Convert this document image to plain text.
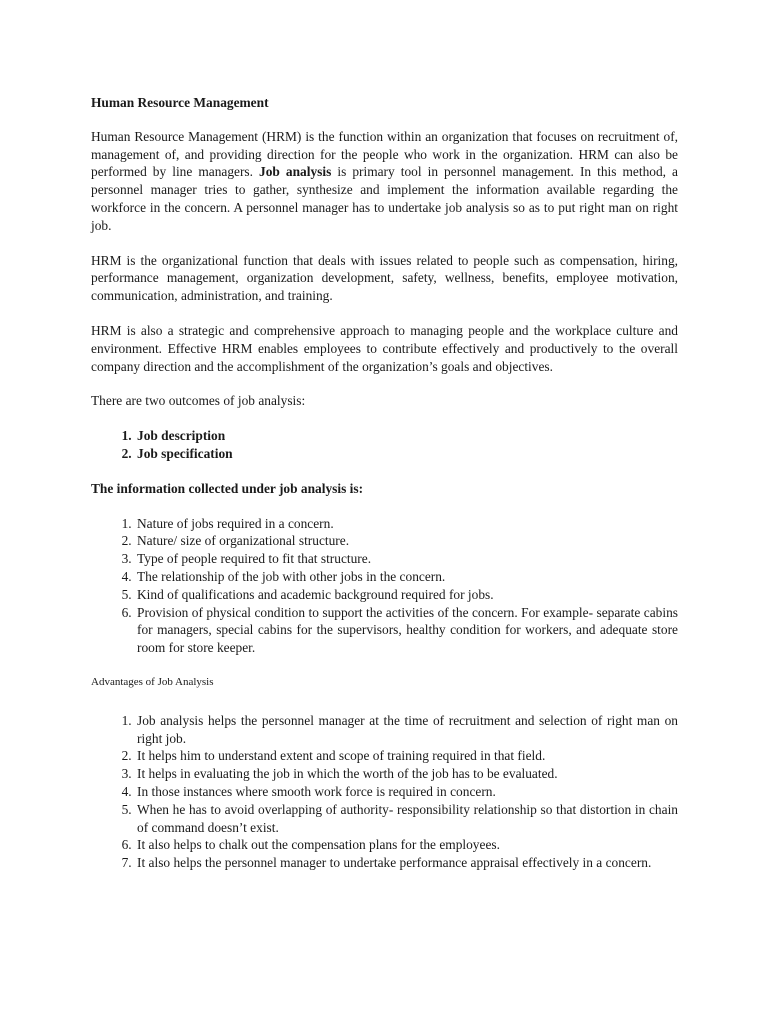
Human Resource Management

Human Resource Management (HRM) is the function within an organization that focuses on recruitment of, management of, and providing direction for the people who work in the organization. HRM can also be performed by line managers. Job analysis is primary tool in personnel management. In this method, a personnel manager tries to gather, synthesize and implement the information available regarding the workforce in the concern. A personnel manager has to undertake job analysis so as to put right man on right job.

HRM is the organizational function that deals with issues related to people such as compensation, hiring, performance management, organization development, safety, wellness, benefits, employee motivation, communication, administration, and training.

HRM is also a strategic and comprehensive approach to managing people and the workplace culture and environment. Effective HRM enables employees to contribute effectively and productively to the overall company direction and the accomplishment of the organization’s goals and objectives.

There are two outcomes of job analysis:

1. Job description
2. Job specification

The information collected under job analysis is:

1. Nature of jobs required in a concern.
2. Nature/ size of organizational structure.
3. Type of people required to fit that structure.
4. The relationship of the job with other jobs in the concern.
5. Kind of qualifications and academic background required for jobs.
6. Provision of physical condition to support the activities of the concern. For example- separate cabins for managers, special cabins for the supervisors, healthy condition for workers, and adequate store room for store keeper.

Advantages of Job Analysis

1. Job analysis helps the personnel manager at the time of recruitment and selection of right man on right job.
2. It helps him to understand extent and scope of training required in that field.
3. It helps in evaluating the job in which the worth of the job has to be evaluated.
4. In those instances where smooth work force is required in concern.
5. When he has to avoid overlapping of authority- responsibility relationship so that distortion in chain of command doesn’t exist.
6. It also helps to chalk out the compensation plans for the employees.
7. It also helps the personnel manager to undertake performance appraisal effectively in a concern.
